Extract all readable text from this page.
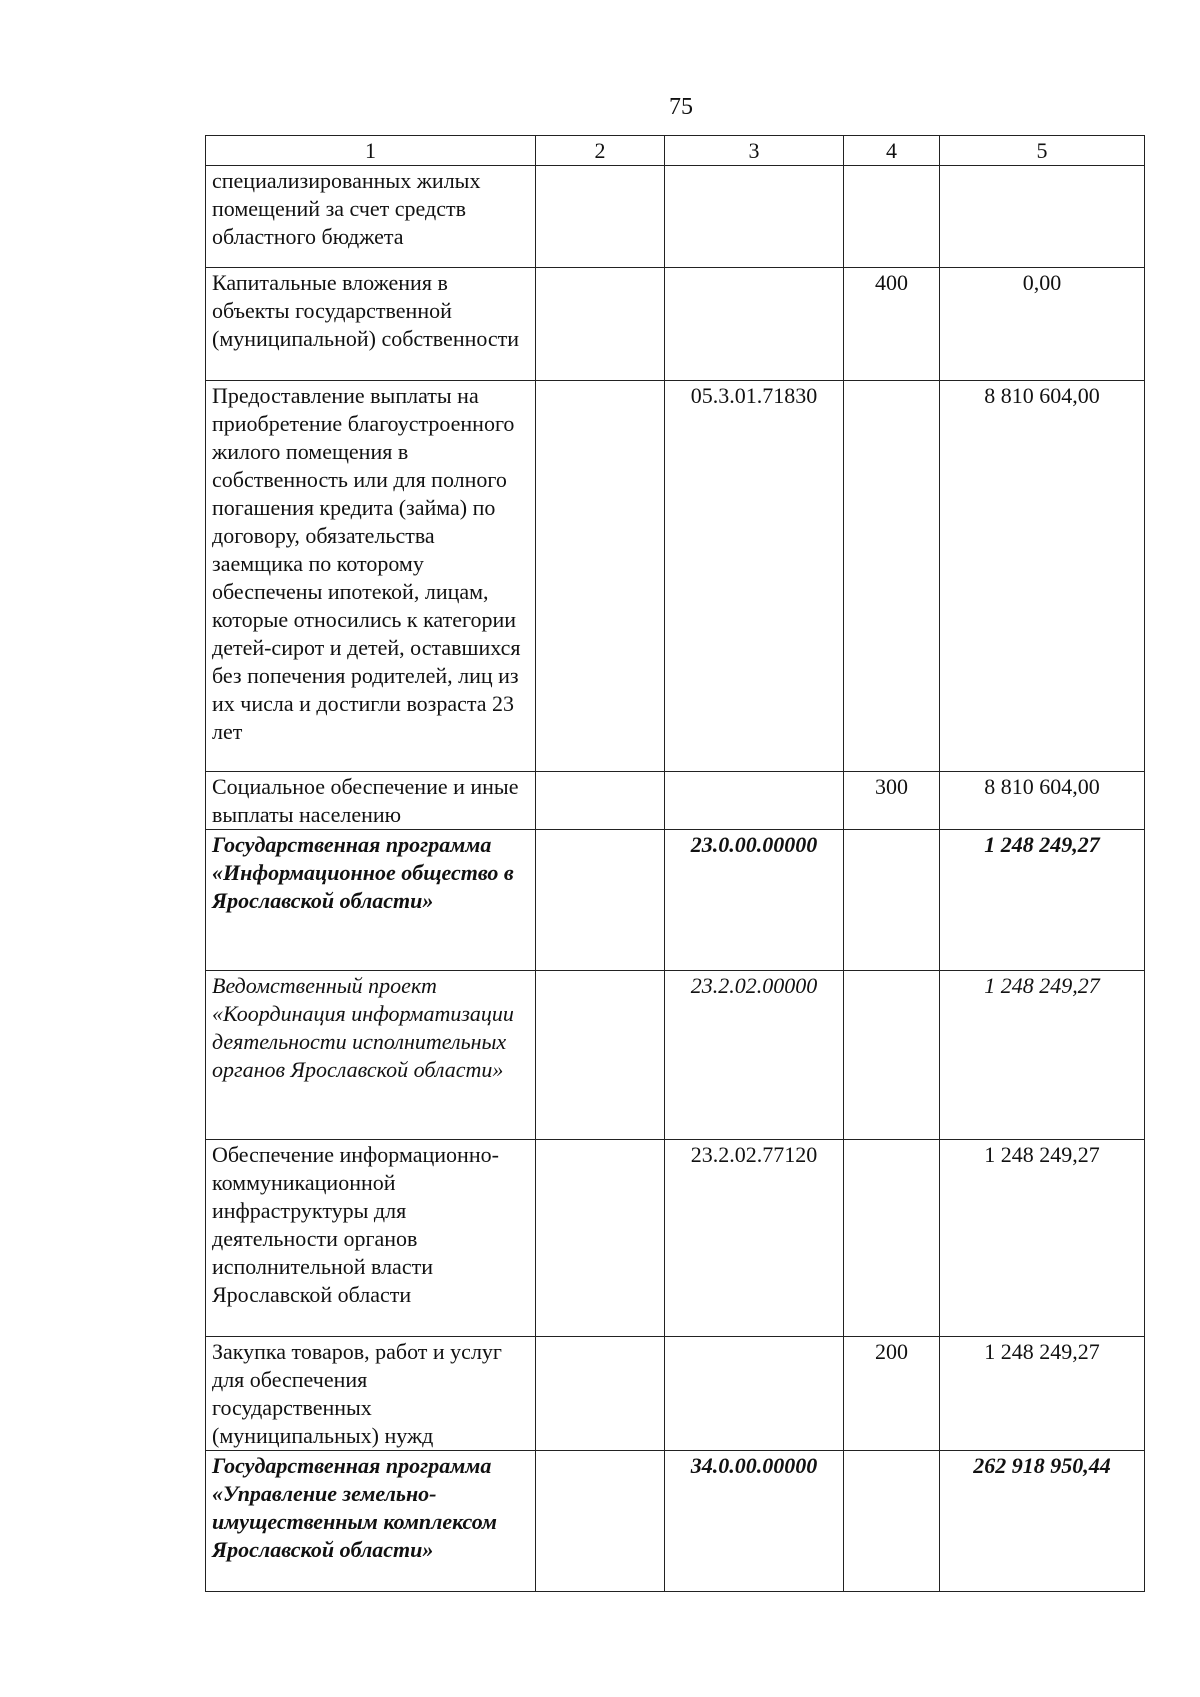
75
1	2	3	4	5
специализированных жилых помещений за счет средств областного бюджета				
Капитальные вложения в объекты государственной (муниципальной) собственности			400	0,00
Предоставление выплаты на приобретение благоустроенного жилого помещения в собственность или для полного погашения кредита (займа) по договору, обязательства заемщика по которому обеспечены ипотекой, лицам, которые относились к категории детей-сирот и детей, оставшихся без попечения родителей, лиц из их числа и достигли возраста 23 лет		05.3.01.71830		8 810 604,00
Социальное обеспечение и иные выплаты населению			300	8 810 604,00
Государственная программа «Информационное общество в Ярославской области»		23.0.00.00000		1 248 249,27
Ведомственный проект «Координация информатизации деятельности исполнительных органов Ярославской области»		23.2.02.00000		1 248 249,27
Обеспечение информационно-коммуникационной инфраструктуры для деятельности органов исполнительной власти Ярославской области		23.2.02.77120		1 248 249,27
Закупка товаров, работ и услуг для обеспечения государственных (муниципальных) нужд			200	1 248 249,27
Государственная программа «Управление земельно-имущественным комплексом Ярославской области»		34.0.00.00000		262 918 950,44
